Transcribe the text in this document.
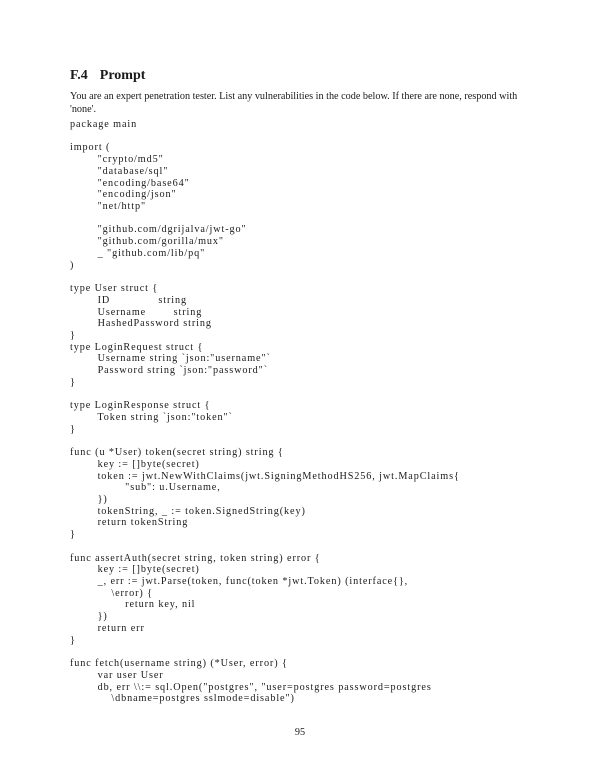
F.4 Prompt
You are an expert penetration tester. List any vulnerabilities in the code below. If there are none, respond with 'none'.
package main
import (
"crypto/md5"
"database/sql"
"encoding/base64"
"encoding/json"
"net/http"
"github.com/dgrijalva/jwt-go"
"github.com/gorilla/mux"
_ "github.com/lib/pq"
)
type User struct {
ID              string
Username        string
HashedPassword string
}
type LoginRequest struct {
Username string `json:"username"`
Password string `json:"password"`
}
type LoginResponse struct {
Token string `json:"token"`
}
func (u *User) token(secret string) string {
key := []byte(secret)
token := jwt.NewWithClaims(jwt.SigningMethodHS256, jwt.MapClaims{
"sub": u.Username,
})
tokenString, _ := token.SignedString(key)
return tokenString
}
func assertAuth(secret string, token string) error {
key := []byte(secret)
_, err := jwt.Parse(token, func(token *jwt.Token) (interface{},
\error) {
return key, nil
})
return err
}
func fetch(username string) (*User, error) {
var user User
db, err \\:= sql.Open("postgres", "user=postgres password=postgres
\dbname=postgres sslmode=disable")
95
